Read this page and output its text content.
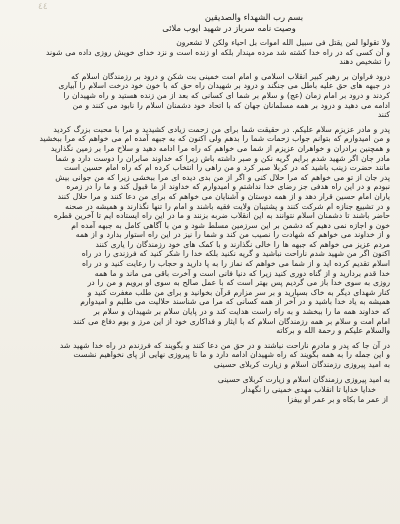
٤٤
بسم رب الشهداء والصدیقین
وصیت نامه سرباز در شهید ایوب ملائی
ولا تقولوا لمن یقتل فی سبیل الله اموات بل احیاء ولکن لا تشعرون
و آن کسی که در راه خدا کشته شد مرده مپندار بلکه او زنده است و نزد خدای خویش روزی داده می شوند
را تشخیص دهند
درود فراوان بر رهبر کبیر انقلاب اسلامی و امام امت خمینی بت شکن و درود بر رزمندگان اسلام که
در جبهه های حق علیه باطل می جنگند و درود بر شهیدان راه حق که با خون خود درخت اسلام را آبیاری
کردند و درود بر امام زمان (عج) و سلام بر شما ای کسانی که بعد از من زنده هستید و راه شهیدان را
ادامه می دهید و درود بر همه مسلمانان جهان که با اتحاد خود دشمنان اسلام را نابود می کنند و من
کنند
پدر و مادر عزیزم سلام علیکم. در حقیقت شما برای من زحمت زیادی کشیدید و مرا با محبت بزرگ کردید
و من امیدوارم که بتوانم جواب زحمات شما را بدهم ولی اکنون که به جبهه آمده ام می خواهم که مرا ببخشید
و همچنین برادران و خواهران عزیزم از شما می خواهم که راه مرا ادامه دهید و سلاح مرا بر زمین نگذارید
مادر جان اگر شهید شدم برایم گریه نکن و صبر داشته باش زیرا که خداوند صابران را دوست دارد و شما
مانند حضرت زینب باشید که در کربلا صبر کرد و من راهی را انتخاب کرده ام که راه امام حسین است
پدر جان از تو می خواهم که مرا حلال کنی و اگر از من بدی دیده ای مرا ببخشی زیرا که من جوانی بیش
نبودم و در این راه هدفی جز رضای خدا نداشتم و امیدوارم که خداوند از ما قبول کند و ما را در زمره
یاران امام حسین قرار دهد و از همه دوستان و آشنایان می خواهم که برای من دعا کنند و مرا حلال کنند
و در تشییع جنازه ام شرکت کنند و پشتیبان ولایت فقیه باشند و امام را تنها نگذارند و همیشه در صحنه
حاضر باشند تا دشمنان اسلام نتوانند به این انقلاب ضربه بزنند و ما در این راه ایستاده ایم تا آخرین قطره
خون و اجازه نمی دهیم که دشمن بر این سرزمین مسلط شود و من با آگاهی کامل به جبهه آمده ام
و از خداوند می خواهم که شهادت را نصیب من کند و شما را نیز در این راه استوار بدارد و از همه
مردم عزیز می خواهم که جبهه ها را خالی نگذارند و با کمک های خود رزمندگان را یاری کنند
اکنون اگر من شهید شدم ناراحت نباشید و گریه نکنید بلکه خدا را شکر کنید که فرزندی را در راه
اسلام تقدیم کرده اید و از شما می خواهم که نماز را به پا دارید و حجاب را رعایت کنید و در راه
خدا قدم بردارید و از گناه دوری کنید زیرا که دنیا فانی است و آخرت باقی می ماند و ما همه
روزی به سوی خدا باز می گردیم پس بهتر است که با عمل صالح به سوی او برویم و من را در
کنار شهدای دیگر به خاک بسپارید و بر سر مزارم قرآن بخوانید و برای من طلب مغفرت کنید و
همیشه به یاد خدا باشید و در آخر از همه کسانی که مرا می شناسند حلالیت می طلبم و امیدوارم
که خداوند همه ما را ببخشد و به راه راست هدایت کند و در پایان سلام بر شهیدان و سلام بر
امام امت و سلام بر همه رزمندگان اسلام که با ایثار و فداکاری خود از این مرز و بوم دفاع می کنند
والسلام علیکم و رحمة الله و برکاته
در آن جا که پدر و مادرم ناراحت نباشند و در حق من دعا کنند و بگویند که فرزندم در راه خدا شهید شد
و این جمله را به همه بگویند که راه شهیدان ادامه دارد و ما تا پیروزی نهایی از پای نخواهیم نشست
به امید پیروزی رزمندگان اسلام و زیارت کربلای حسینی
به امید پیروزی رزمندگان اسلام و زیارت کربلای حسینی
خدایا خدایا تا انقلاب مهدی خمینی را نگهدار
از عمر ما بکاه و بر عمر او بیفزا
